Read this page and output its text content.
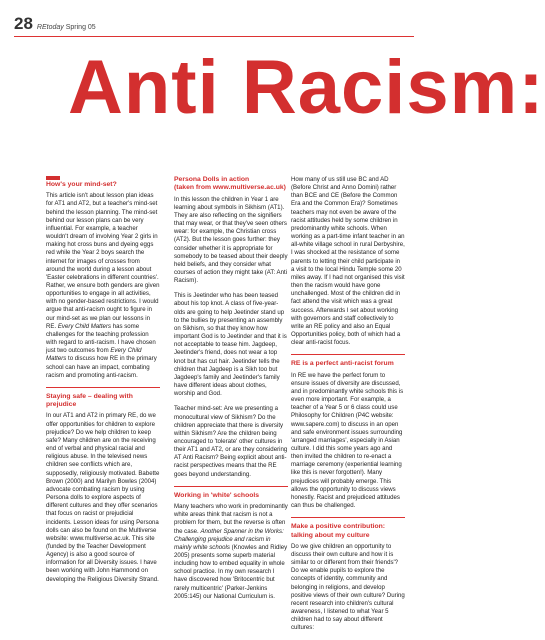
28 REtoday Spring 05
Anti Racism:
How's your mind-set?

This article isn't about lesson plan ideas for AT1 and AT2, but a teacher's mind-set behind the lesson planning. The mind-set behind our lesson plans can be very influential. For example, a teacher wouldn't dream of involving Year 2 girls in making hot cross buns and dyeing eggs red while the Year 2 boys search the internet for images of crosses from around the world during a lesson about 'Easter celebrations in different countries'. Rather, we ensure both genders are given opportunities to engage in all activities, with no gender-based restrictions. I would argue that anti-racism ought to figure in our mind-set as we plan our lessons in RE. Every Child Matters has some challenges for the teaching profession with regard to anti-racism. I have chosen just two outcomes from Every Child Matters to discuss how RE in the primary school can have an impact, combating racism and promoting anti-racism.

Staying safe – dealing with prejudice

In our AT1 and AT2 in primary RE, do we offer opportunities for children to explore prejudice? Do we help children to keep safe? Many children are on the receiving end of verbal and physical racial and religious abuse. In the televised news children see conflicts which are, supposedly, religiously motivated. Babette Brown (2000) and Marilyn Bowles (2004) advocate combating racism by using Persona dolls to explore aspects of different cultures and they offer scenarios that focus on racist or prejudicial incidents. Lesson ideas for using Persona dolls can also be found on the Multiverse website: www.multiverse.ac.uk. This site (funded by the Teacher Development Agency) is also a good source of information for all Diversity issues. I have been working with John Hammond on developing the Religious Diversity Strand.

Persona Dolls in action
(taken from www.multiverse.ac.uk)

In this lesson the children in Year 1 are learning about symbols in Sikhism (AT1). They are also reflecting on the signifiers that may wear, or that they've seen others wear: for example, the Christian cross (AT2). But the lesson goes further: they consider whether it is appropriate for somebody to be teased about their deeply held beliefs, and they consider what courses of action they might take (AT: Anti Racism).

This is Jeetinder who has been teased about his top knot. A class of five-year-olds are going to help Jeetinder stand up to the bullies by presenting an assembly on Sikhism, so that they know how important God is to Jeetinder and that it is not acceptable to tease him. Jagdeep, Jeetinder's friend, does not wear a top knot but has cut hair. Jeetinder tells the children that Jagdeep is a Sikh too but Jagdeep's family and Jeetinder's family have different ideas about clothes, worship and God.

Teacher mind-set: Are we presenting a monocultural view of Sikhism? Do the children appreciate that there is diversity within Sikhism? Are the children being encouraged to 'tolerate' other cultures in their AT1 and AT2, or are they considering AT Anti Racism? Being explicit about anti-racist perspectives means that the RE goes beyond understanding.

Working in 'white' schools

Many teachers who work in predominantly white areas think that racism is not a problem for them, but the reverse is often the case. Another Spanner in the Works: Challenging prejudice and racism in mainly white schools (Knowles and Ridley 2005) presents some superb material including how to embed equality in whole school practice. In my own research I have discovered how 'Britocentric but rarely multicentric' (Parker-Jenkins 2005:145) our National Curriculum is.

How many of us still use BC and AD (Before Christ and Anno Domini) rather than BCE and CE (Before the Common Era and the Common Era)? Sometimes teachers may not even be aware of the racist attitudes held by some children in predominantly white schools. When working as a part-time infant teacher in an all-white village school in rural Derbyshire, I was shocked at the resistance of some parents to letting their child participate in a visit to the local Hindu Temple some 20 miles away. If I had not organised this visit then the racism would have gone unchallenged. Most of the children did in fact attend the visit which was a great success. Afterwards I set about working with governors and staff collectively to write an RE policy and also an Equal Opportunities policy, both of which had a clear anti-racist focus.

RE is a perfect anti-racist forum

In RE we have the perfect forum to ensure issues of diversity are discussed, and in predominantly white schools this is even more important. For example, a teacher of a Year 5 or 6 class could use Philosophy for Children (P4C website: www.sapere.com) to discuss in an open and safe environment issues surrounding 'arranged marriages', especially in Asian culture. I did this some years ago and then invited the children to re-enact a marriage ceremony (experiential learning like this is never forgotten!). Many prejudices will probably emerge. This allows the opportunity to discuss views honestly. Racist and prejudiced attitudes can thus be challenged.

Make a positive contribution: talking about my culture

Do we give children an opportunity to discuss their own culture and how it is similar to or different from their friends'? Do we enable pupils to explore the concepts of identity, community and belonging in religions, and develop positive views of their own culture? During recent research into children's cultural awareness, I listened to what Year 5 children had to say about different cultures:
